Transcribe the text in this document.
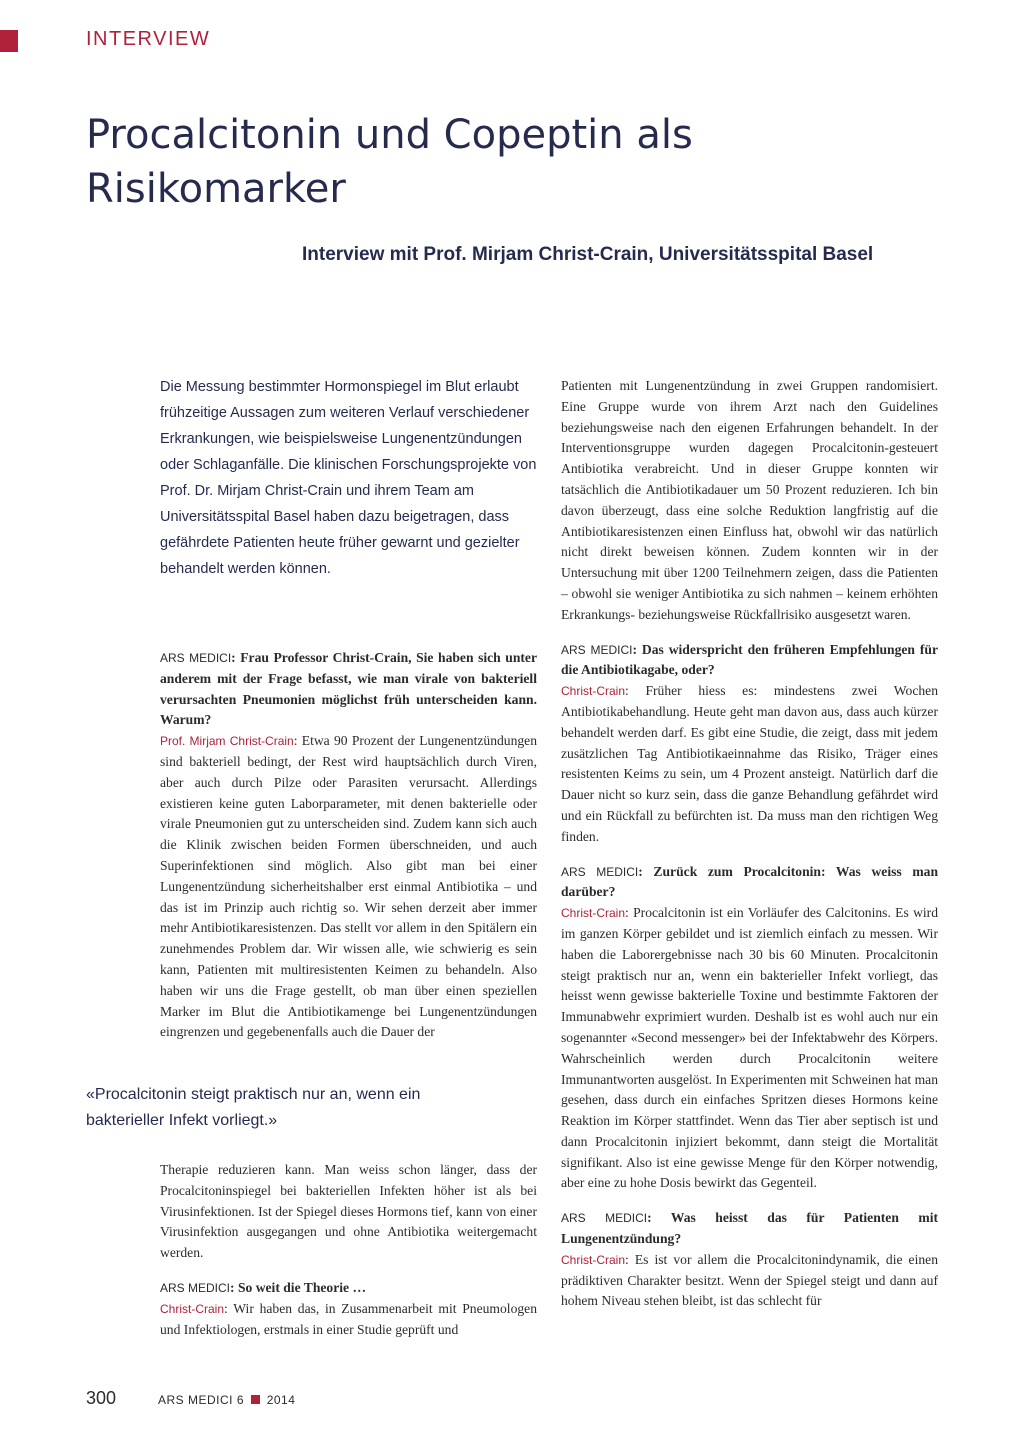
INTERVIEW
Procalcitonin und Copeptin als Risikomarker
Interview mit Prof. Mirjam Christ-Crain, Universitätsspital Basel

Die Messung bestimmter Hormonspiegel im Blut erlaubt frühzeitige Aussagen zum weiteren Verlauf verschiedener Erkrankungen, wie beispielsweise Lungenentzündungen oder Schlaganfälle. Die klinischen Forschungsprojekte von Prof. Dr. Mirjam Christ-Crain und ihrem Team am Universitätsspital Basel haben dazu beigetragen, dass gefährdete Patienten heute früher gewarnt und gezielter behandelt werden können.

ARS MEDICI: Frau Professor Christ-Crain, Sie haben sich unter anderem mit der Frage befasst, wie man virale von bakteriell verursachten Pneumonien möglichst früh unterscheiden kann. Warum?

Prof. Mirjam Christ-Crain: Etwa 90 Prozent der Lungenentzündungen sind bakteriell bedingt, der Rest wird hauptsächlich durch Viren, aber auch durch Pilze oder Parasiten verursacht. Allerdings existieren keine guten Laborparameter, mit denen bakterielle oder virale Pneumonien gut zu unterscheiden sind. Zudem kann sich auch die Klinik zwischen beiden Formen überschneiden, und auch Superinfektionen sind möglich. Also gibt man bei einer Lungenentzündung sicherheitshalber erst einmal Antibiotika – und das ist im Prinzip auch richtig so. Wir sehen derzeit aber immer mehr Antibiotikaresistenzen. Das stellt vor allem in den Spitälern ein zunehmendes Problem dar. Wir wissen alle, wie schwierig es sein kann, Patienten mit multiresistenten Keimen zu behandeln. Also haben wir uns die Frage gestellt, ob man über einen speziellen Marker im Blut die Antibiotikamenge bei Lungenentzündungen eingrenzen und gegebenenfalls auch die Dauer der

«Procalcitonin steigt praktisch nur an, wenn ein bakterieller Infekt vorliegt.»

Therapie reduzieren kann. Man weiss schon länger, dass der Procalcitoninspiegel bei bakteriellen Infekten höher ist als bei Virusinfektionen. Ist der Spiegel dieses Hormons tief, kann von einer Virusinfektion ausgegangen und ohne Antibiotika weitergemacht werden.

ARS MEDICI: So weit die Theorie …

Christ-Crain: Wir haben das, in Zusammenarbeit mit Pneumologen und Infektiologen, erstmals in einer Studie geprüft und

Patienten mit Lungenentzündung in zwei Gruppen randomisiert. Eine Gruppe wurde von ihrem Arzt nach den Guidelines beziehungsweise nach den eigenen Erfahrungen behandelt. In der Interventionsgruppe wurden dagegen Procalcitonin-gesteuert Antibiotika verabreicht. Und in dieser Gruppe konnten wir tatsächlich die Antibiotikadauer um 50 Prozent reduzieren. Ich bin davon überzeugt, dass eine solche Reduktion langfristig auf die Antibiotikaresistenzen einen Einfluss hat, obwohl wir das natürlich nicht direkt beweisen können. Zudem konnten wir in der Untersuchung mit über 1200 Teilnehmern zeigen, dass die Patienten – obwohl sie weniger Antibiotika zu sich nahmen – keinem erhöhten Erkrankungs- beziehungsweise Rückfallrisiko ausgesetzt waren.

ARS MEDICI: Das widerspricht den früheren Empfehlungen für die Antibiotikagabe, oder?

Christ-Crain: Früher hiess es: mindestens zwei Wochen Antibiotikabehandlung. Heute geht man davon aus, dass auch kürzer behandelt werden darf. Es gibt eine Studie, die zeigt, dass mit jedem zusätzlichen Tag Antibiotikaeinnahme das Risiko, Träger eines resistenten Keims zu sein, um 4 Prozent ansteigt. Natürlich darf die Dauer nicht so kurz sein, dass die ganze Behandlung gefährdet wird und ein Rückfall zu befürchten ist. Da muss man den richtigen Weg finden.

ARS MEDICI: Zurück zum Procalcitonin: Was weiss man darüber?

Christ-Crain: Procalcitonin ist ein Vorläufer des Calcitonins. Es wird im ganzen Körper gebildet und ist ziemlich einfach zu messen. Wir haben die Laborergebnisse nach 30 bis 60 Minuten. Procalcitonin steigt praktisch nur an, wenn ein bakterieller Infekt vorliegt, das heisst wenn gewisse bakterielle Toxine und bestimmte Faktoren der Immunabwehr exprimiert wurden. Deshalb ist es wohl auch nur ein sogenannter «Second messenger» bei der Infektabwehr des Körpers. Wahrscheinlich werden durch Procalcitonin weitere Immunantworten ausgelöst. In Experimenten mit Schweinen hat man gesehen, dass durch ein einfaches Spritzen dieses Hormons keine Reaktion im Körper stattfindet. Wenn das Tier aber septisch ist und dann Procalcitonin injiziert bekommt, dann steigt die Mortalität signifikant. Also ist eine gewisse Menge für den Körper notwendig, aber eine zu hohe Dosis bewirkt das Gegenteil.

ARS MEDICI: Was heisst das für Patienten mit Lungenentzündung?

Christ-Crain: Es ist vor allem die Procalcitonindynamik, die einen prädiktiven Charakter besitzt. Wenn der Spiegel steigt und dann auf hohem Niveau stehen bleibt, ist das schlecht für

300	ARS MEDICI 6 2014
